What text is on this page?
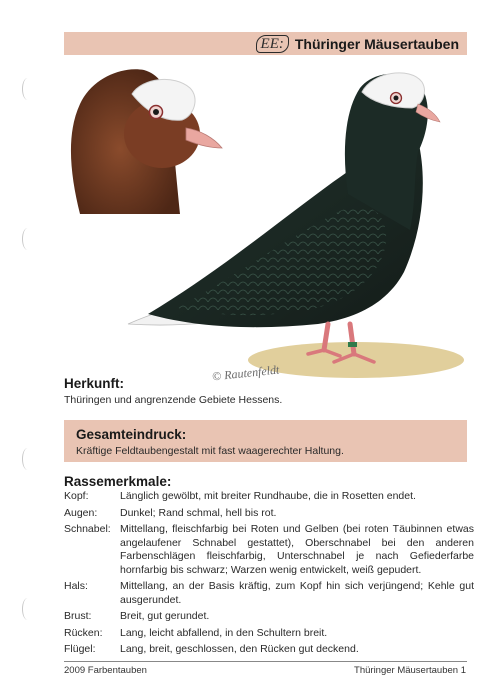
EE: Thüringer Mäusertauben
© Rautenfeldt
Herkunft:
Thüringen und angrenzende Gebiete Hessens.
Gesamteindruck:
Kräftige Feldtaubengestalt mit fast waagerechter Haltung.
Rassemerkmale:
Kopf:	Länglich gewölbt, mit breiter Rundhaube, die in Rosetten endet.
Augen:	Dunkel; Rand schmal, hell bis rot.
Schnabel: Mittellang, fleischfarbig bei Roten und Gelben (bei roten Täubinnen etwas angelaufener Schnabel gestattet), Oberschnabel bei den anderen Farbenschlägen fleischfarbig, Unterschnabel je nach Gefiederfarbe hornfarbig bis schwarz; Warzen wenig entwickelt, weiß gepudert.
Hals:	Mittellang, an der Basis kräftig, zum Kopf hin sich verjüngend; Kehle gut ausgerundet.
Brust:	Breit, gut gerundet.
Rücken:	Lang, leicht abfallend, in den Schultern breit.
Flügel:	Lang, breit, geschlossen, den Rücken gut deckend.
2009 Farbentauben	Thüringer Mäusertauben 1
